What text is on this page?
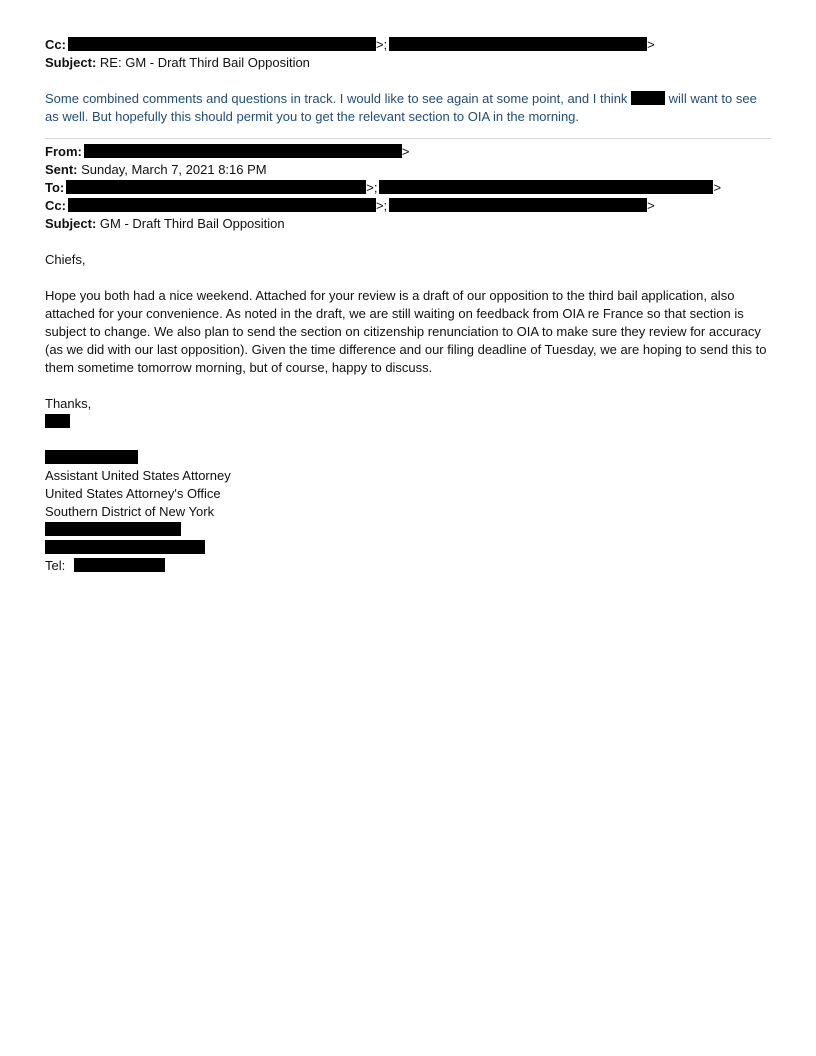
Cc:	>;	>
Subject: RE: GM - Draft Third Bail Opposition

Some combined comments and questions in track. I would like to see again at some point, and I think	will want to see as well. But hopefully this should permit you to get the relevant section to OIA in the morning.

From:	>
Sent: Sunday, March 7, 2021 8:16 PM
To:	>;	>
Cc:	>;	>
Subject: GM - Draft Third Bail Opposition
Chiefs,

Hope you both had a nice weekend. Attached for your review is a draft of our opposition to the third bail application, also attached for your convenience. As noted in the draft, we are still waiting on feedback from OIA re France so that section is subject to change. We also plan to send the section on citizenship renunciation to OIA to make sure they review for accuracy (as we did with our last opposition). Given the time difference and our filing deadline of Tuesday, we are hoping to send this to them sometime tomorrow morning, but of course, happy to discuss.

Thanks,
Assistant United States Attorney
United States Attorney's Office
Southern District of New York
Tel:
